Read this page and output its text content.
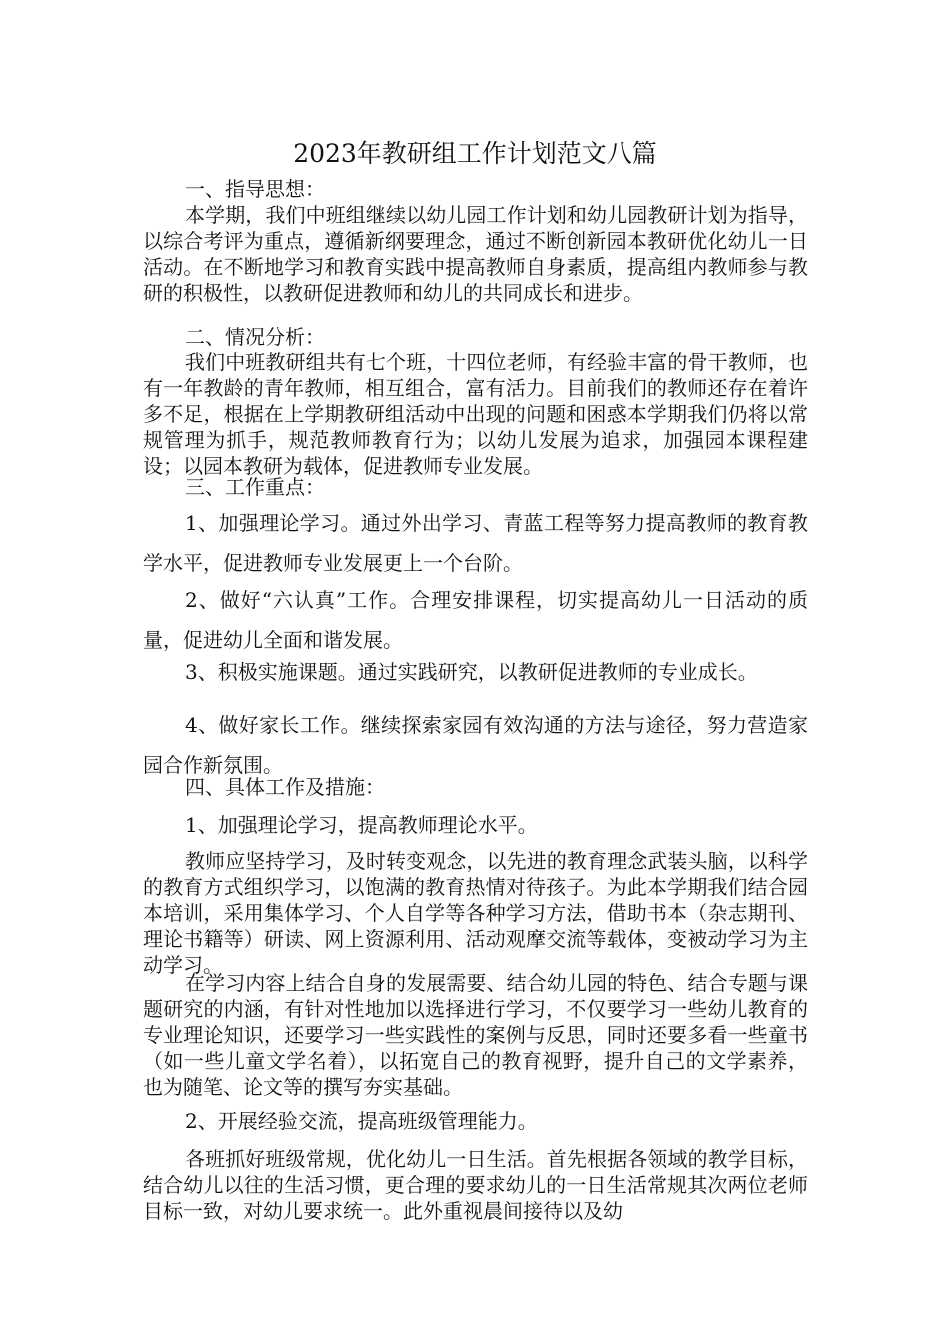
2023年教研组工作计划范文八篇

一、指导思想：

本学期，我们中班组继续以幼儿园工作计划和幼儿园教研计划为指导，以综合考评为重点，遵循新纲要理念，通过不断创新园本教研优化幼儿一日活动。在不断地学习和教育实践中提高教师自身素质，提高组内教师参与教研的积极性，以教研促进教师和幼儿的共同成长和进步。

二、情况分析：

我们中班教研组共有七个班，十四位老师，有经验丰富的骨干教师，也有一年教龄的青年教师，相互组合，富有活力。目前我们的教师还存在着许多不足，根据在上学期教研组活动中出现的问题和困惑本学期我们仍将以常规管理为抓手，规范教师教育行为；以幼儿发展为追求，加强园本课程建设；以园本教研为载体，促进教师专业发展。

三、工作重点：

1、加强理论学习。通过外出学习、青蓝工程等努力提高教师的教育教学水平，促进教师专业发展更上一个台阶。

2、做好“六认真”工作。合理安排课程，切实提高幼儿一日活动的质量，促进幼儿全面和谐发展。

3、积极实施课题。通过实践研究，以教研促进教师的专业成长。

4、做好家长工作。继续探索家园有效沟通的方法与途径，努力营造家园合作新氛围。

四、具体工作及措施：

1、加强理论学习，提高教师理论水平。

教师应坚持学习，及时转变观念，以先进的教育理念武装头脑，以科学的教育方式组织学习，以饱满的教育热情对待孩子。为此本学期我们结合园本培训，采用集体学习、个人自学等各种学习方法，借助书本（杂志期刊、理论书籍等）研读、网上资源利用、活动观摩交流等载体，变被动学习为主动学习。

在学习内容上结合自身的发展需要、结合幼儿园的特色、结合专题与课题研究的内涵，有针对性地加以选择进行学习，不仅要学习一些幼儿教育的专业理论知识，还要学习一些实践性的案例与反思，同时还要多看一些童书（如一些儿童文学名着），以拓宽自己的教育视野，提升自己的文学素养，也为随笔、论文等的撰写夯实基础。

2、开展经验交流，提高班级管理能力。

各班抓好班级常规，优化幼儿一日生活。首先根据各领域的教学目标，结合幼儿以往的生活习惯，更合理的要求幼儿的一日生活常规其次两位老师目标一致，对幼儿要求统一。此外重视晨间接待以及幼
